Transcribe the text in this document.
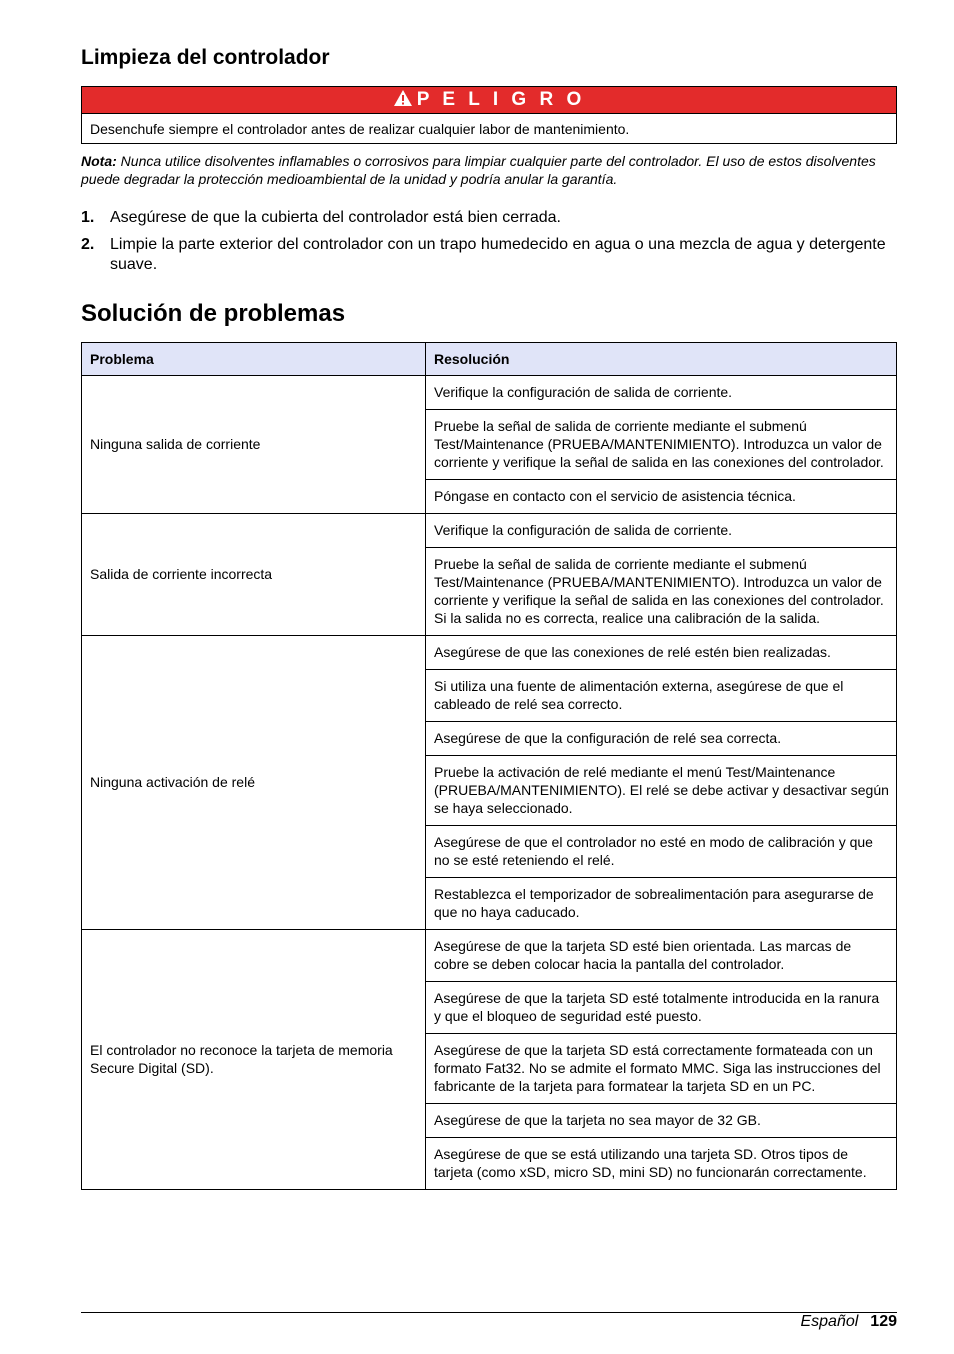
Limpieza del controlador
P E L I G R O
Desenchufe siempre el controlador antes de realizar cualquier labor de mantenimiento.
Nota: Nunca utilice disolventes inflamables o corrosivos para limpiar cualquier parte del controlador. El uso de estos disolventes puede degradar la protección medioambiental de la unidad y podría anular la garantía.
1. Asegúrese de que la cubierta del controlador está bien cerrada.
2. Limpie la parte exterior del controlador con un trapo humedecido en agua o una mezcla de agua y detergente suave.
Solución de problemas
Problema	Resolución
Ninguna salida de corriente	Verifique la configuración de salida de corriente.
	Pruebe la señal de salida de corriente mediante el submenú Test/Maintenance (PRUEBA/MANTENIMIENTO). Introduzca un valor de corriente y verifique la señal de salida en las conexiones del controlador.
	Póngase en contacto con el servicio de asistencia técnica.
Salida de corriente incorrecta	Verifique la configuración de salida de corriente.
	Pruebe la señal de salida de corriente mediante el submenú Test/Maintenance (PRUEBA/MANTENIMIENTO). Introduzca un valor de corriente y verifique la señal de salida en las conexiones del controlador. Si la salida no es correcta, realice una calibración de la salida.
Ninguna activación de relé	Asegúrese de que las conexiones de relé estén bien realizadas.
	Si utiliza una fuente de alimentación externa, asegúrese de que el cableado de relé sea correcto.
	Asegúrese de que la configuración de relé sea correcta.
	Pruebe la activación de relé mediante el menú Test/Maintenance (PRUEBA/MANTENIMIENTO). El relé se debe activar y desactivar según se haya seleccionado.
	Asegúrese de que el controlador no esté en modo de calibración y que no se esté reteniendo el relé.
	Restablezca el temporizador de sobrealimentación para asegurarse de que no haya caducado.
El controlador no reconoce la tarjeta de memoria Secure Digital (SD).	Asegúrese de que la tarjeta SD esté bien orientada. Las marcas de cobre se deben colocar hacia la pantalla del controlador.
	Asegúrese de que la tarjeta SD esté totalmente introducida en la ranura y que el bloqueo de seguridad esté puesto.
	Asegúrese de que la tarjeta SD está correctamente formateada con un formato Fat32. No se admite el formato MMC. Siga las instrucciones del fabricante de la tarjeta para formatear la tarjeta SD en un PC.
	Asegúrese de que la tarjeta no sea mayor de 32 GB.
	Asegúrese de que se está utilizando una tarjeta SD. Otros tipos de tarjeta (como xSD, micro SD, mini SD) no funcionarán correctamente.
Español 129
